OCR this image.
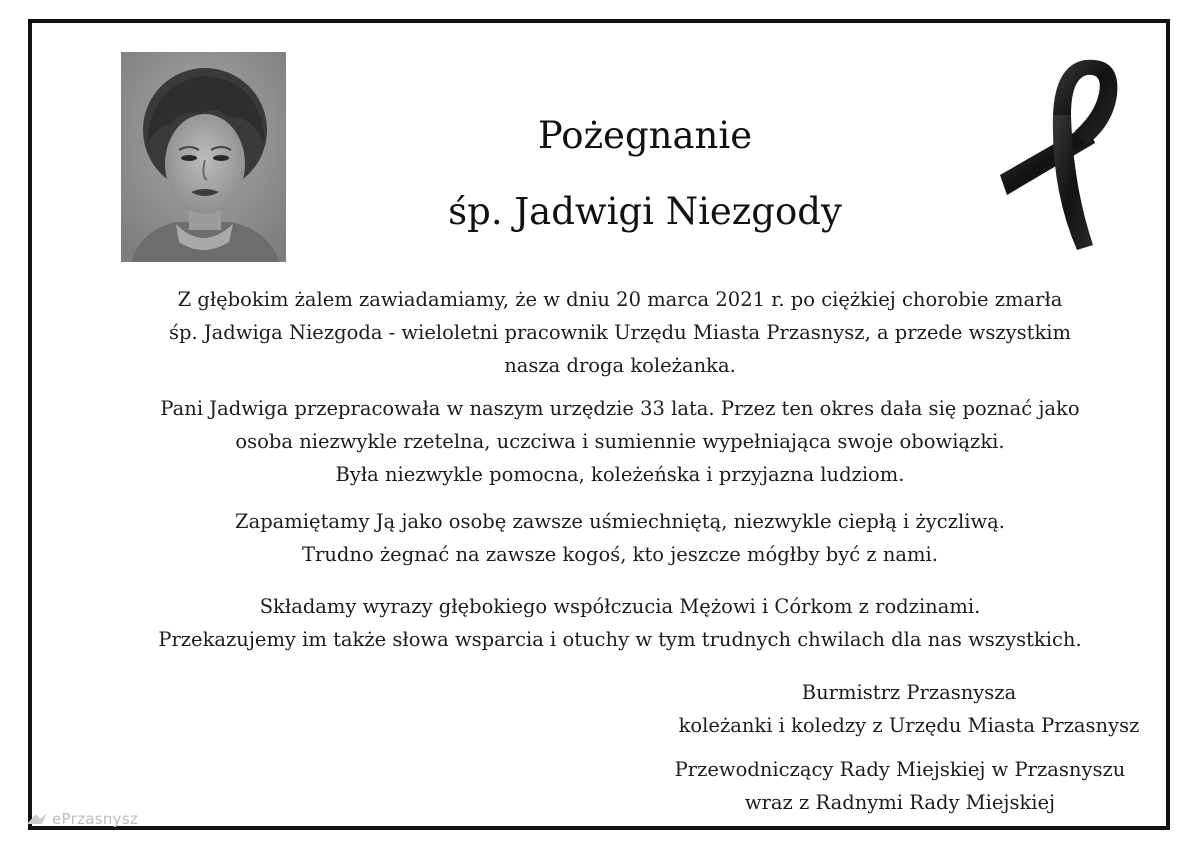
Pożegnanie
śp. Jadwigi Niezgody
Z głębokim żalem zawiadamiamy, że w dniu 20 marca 2021 r. po ciężkiej chorobie zmarła
śp. Jadwiga Niezgoda - wieloletni pracownik Urzędu Miasta Przasnysz, a przede wszystkim
nasza droga koleżanka.
Pani Jadwiga przepracowała w naszym urzędzie 33 lata. Przez ten okres dała się poznać jako
osoba niezwykle rzetelna, uczciwa i sumiennie wypełniająca swoje obowiązki.
Była niezwykle pomocna, koleżeńska i przyjazna ludziom.
Zapamiętamy Ją jako osobę zawsze uśmiechniętą, niezwykle ciepłą i życzliwą.
Trudno żegnać na zawsze kogoś, kto jeszcze mógłby być z nami.
Składamy wyrazy głębokiego współczucia Mężowi i Córkom z rodzinami.
Przekazujemy im także słowa wsparcia i otuchy w tym trudnych chwilach dla nas wszystkich.
Burmistrz Przasnysza
koleżanki i koledzy z Urzędu Miasta Przasnysz
Przewodniczący Rady Miejskiej w Przasnyszu
wraz z Radnymi Rady Miejskiej
ePrzasnysz
